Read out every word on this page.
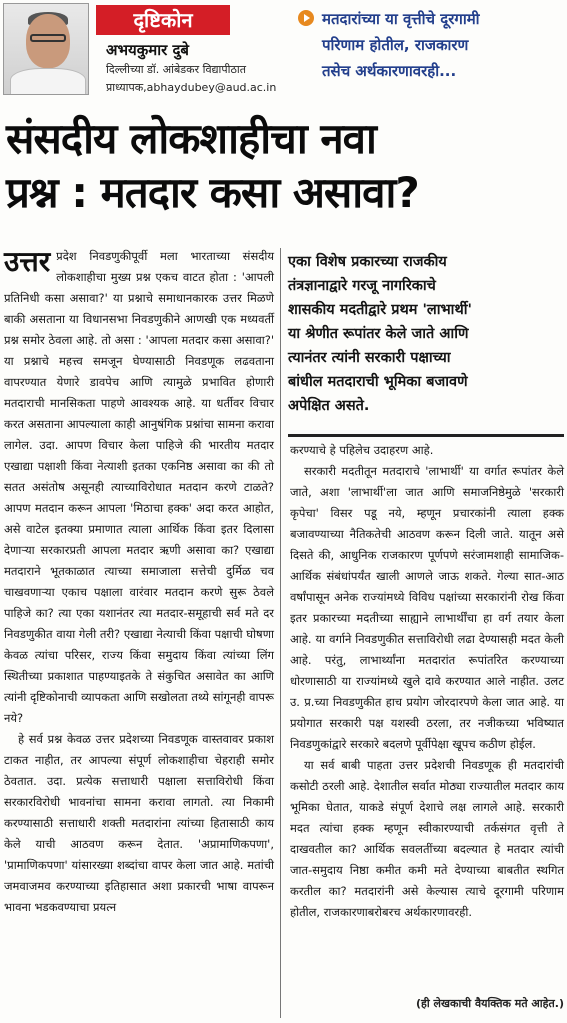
दृष्टिकोन
अभयकुमार दुबे
दिल्लीच्या डॉ. आंबेडकर विद्यापीठात
प्राध्यापक,abhaydubey@aud.ac.in

मतदारांच्या या वृत्तीचे दूरगामी
परिणाम होतील, राजकारण
तसेच अर्थकारणावरही...

संसदीय लोकशाहीचा नवा
प्रश्न : मतदार कसा असावा?
उत्तर प्रदेश निवडणुकीपूर्वी मला भारताच्या संसदीय लोकशाहीचा मुख्य प्रश्न एकच वाटत होता : 'आपली प्रतिनिधी कसा असावा?' या प्रश्नाचे समाधानकारक उत्तर मिळणे बाकी असताना या विधानसभा निवडणुकीने आणखी एक मध्यवर्ती प्रश्न समोर ठेवला आहे. तो असा : 'आपला मतदार कसा असावा?' या प्रश्नाचे महत्त्व समजून घेण्यासाठी निवडणूक लढवताना वापरण्यात येणारे डावपेच आणि त्यामुळे प्रभावित होणारी मतदाराची मानसिकता पाहणे आवश्यक आहे. या धर्तीवर विचार करत असताना आपल्याला काही आनुषंगिक प्रश्नांचा सामना करावा लागेल. उदा. आपण विचार केला पाहिजे की भारतीय मतदार एखाद्या पक्षाशी किंवा नेत्याशी इतका एकनिष्ठ असावा का की तो सतत असंतोष असूनही त्याच्याविरोधात मतदान करणे टाळते? आपण मतदान करून आपला 'मिठाचा हक्क' अदा करत आहोत, असे वाटेल इतक्या प्रमाणात त्याला आर्थिक किंवा इतर दिलासा देणाऱ्या सरकारप्रती आपला मतदार ऋणी असावा का? एखाद्या मतदाराने भूतकाळात त्याच्या समाजाला सत्तेची दुर्मिळ चव चाखवणाऱ्या एकाच पक्षाला वारंवार मतदान करणे सुरू ठेवले पाहिजे का? त्या एका यशानंतर त्या मतदार-समूहाची सर्व मते दर निवडणुकीत वाया गेली तरी? एखाद्या नेत्याची किंवा पक्षाची घोषणा केवळ त्यांचा परिसर, राज्य किंवा समुदाय किंवा त्यांच्या लिंग स्थितीच्या प्रकाशात पाहण्याइतके ते संकुचित असावेत का आणि त्यांनी दृष्टिकोनाची व्यापकता आणि सखोलता तथ्ये सांगूनही वापरू नये?

हे सर्व प्रश्न केवळ उत्तर प्रदेशच्या निवडणूक वास्तवावर प्रकाश टाकत नाहीत, तर आपल्या संपूर्ण लोकशाहीचा चेहराही समोर ठेवतात. उदा. प्रत्येक सत्ताधारी पक्षाला सत्ताविरोधी किंवा सरकारविरोधी भावनांचा सामना करावा लागतो. त्या निकामी करण्यासाठी सत्ताधारी शक्ती मतदारांना त्यांच्या हितासाठी काय केले याची आठवण करून देतात. 'अप्रामाणिकपणा', 'प्रामाणिकपणा' यांसारख्या शब्दांचा वापर केला जात आहे. मतांची जमवाजमव करण्याच्या इतिहासात अशा प्रकारची भाषा वापरून भावना भडकवण्याचा प्रयत्न

एका विशेष प्रकारच्या राजकीय
तंत्रज्ञानाद्वारे गरजू नागरिकाचे
शासकीय मदतीद्वारे प्रथम 'लाभार्थी'
या श्रेणीत रूपांतर केले जाते आणि
त्यानंतर त्यांनी सरकारी पक्षाच्या
बांधील मतदाराची भूमिका बजावणे
अपेक्षित असते.

करण्याचे हे पहिलेच उदाहरण आहे.

सरकारी मदतीतून मतदाराचे 'लाभार्थी' या वर्गात रूपांतर केले जाते, अशा 'लाभार्थी'ला जात आणि समाजनिष्ठेमुळे 'सरकारी कृपेचा' विसर पडू नये, म्हणून प्रचारकांनी त्याला हक्क बजावण्याच्या नैतिकतेची आठवण करून दिली जाते. यातून असे दिसते की, आधुनिक राजकारण पूर्णपणे सरंजामशाही सामाजिक-आर्थिक संबंधांपर्यंत खाली आणले जाऊ शकते. गेल्या सात-आठ वर्षांपासून अनेक राज्यांमध्ये विविध पक्षांच्या सरकारांनी रोख किंवा इतर प्रकारच्या मदतीच्या साह्याने लाभार्थींचा हा वर्ग तयार केला आहे. या वर्गाने निवडणुकीत सत्ताविरोधी लढा देण्यासही मदत केली आहे. परंतु, लाभार्थ्यांना मतदारांत रूपांतरित करण्याच्या धोरणासाठी या राज्यांमध्ये खुले दावे करण्यात आले नाहीत. उलट उ. प्र.च्या निवडणुकीत हाच प्रयोग जोरदारपणे केला जात आहे. या प्रयोगात सरकारी पक्ष यशस्वी ठरला, तर नजीकच्या भविष्यात निवडणुकांद्वारे सरकारे बदलणे पूर्वीपेक्षा खूपच कठीण होईल.

या सर्व बाबी पाहता उत्तर प्रदेशची निवडणूक ही मतदारांची कसोटी ठरली आहे. देशातील सर्वात मोठ्या राज्यातील मतदार काय भूमिका घेतात, याकडे संपूर्ण देशाचे लक्ष लागले आहे. सरकारी मदत त्यांचा हक्क म्हणून स्वीकारण्याची तर्कसंगत वृत्ती ते दाखवतील का? आर्थिक सवलतींच्या बदल्यात हे मतदार त्यांची जात-समुदाय निष्ठा कमीत कमी मते देण्याच्या बाबतीत स्थगित करतील का? मतदारांनी असे केल्यास त्याचे दूरगामी परिणाम होतील, राजकारणाबरोबरच अर्थकारणावरही.

(ही लेखकाची वैयक्तिक मते आहेत.)
